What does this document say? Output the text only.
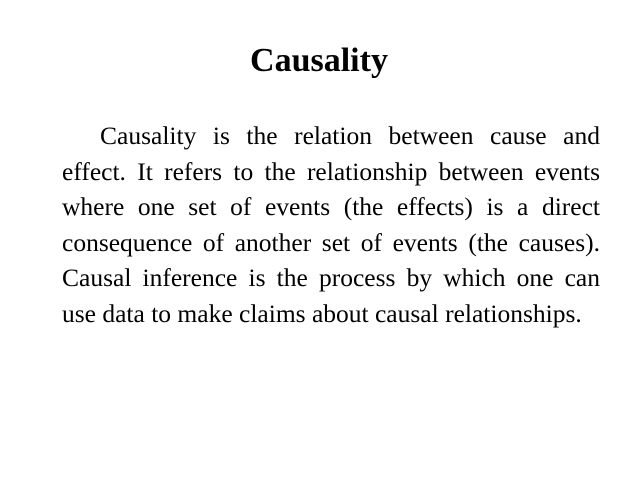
Causality

Causality is the relation between cause and effect. It refers to the relationship between events where one set of events (the effects) is a direct consequence of another set of events (the causes). Causal inference is the process by which one can use data to make claims about causal relationships.
